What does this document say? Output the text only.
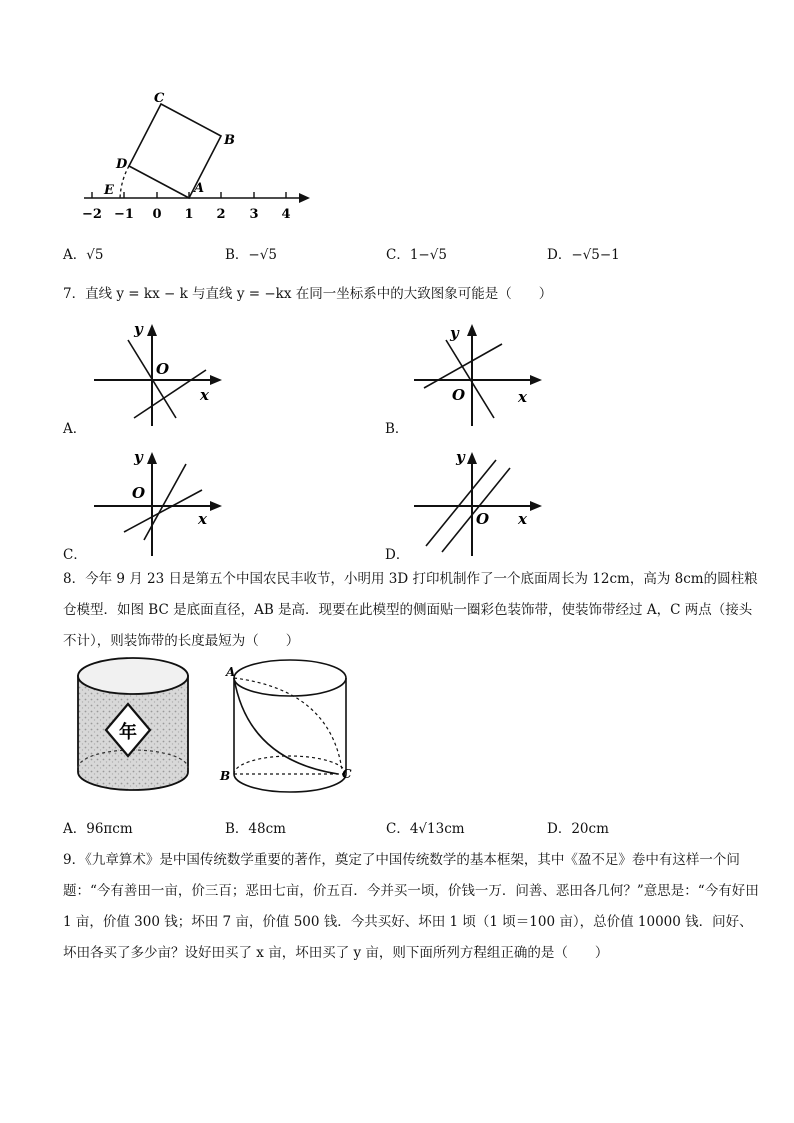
−2 −1 0 1 2 3 4
C
B
D
A
E
A．√5	B．−√5	C．1−√5	D．−√5−1
7．直线 y = kx − k 与直线 y = −kx 在同一坐标系中的大致图象可能是（　　）
y
O
x
A．
y
O	x
B．
y
O
x
C．
y
O x
D．
8．今年 9 月 23 日是第五个中国农民丰收节，小明用 3D 打印机制作了一个底面周长为 12cm，高为 8cm的圆柱粮仓模型．如图 BC 是底面直径，AB 是高．现要在此模型的侧面贴一圈彩色装饰带，使装饰带经过 A，C 两点（接头不计），则装饰带的长度最短为（　　）
年
A
B	C
A．96πcm	B．48cm	C．4√13cm	D．20cm
9．《九章算术》是中国传统数学重要的著作，奠定了中国传统数学的基本框架，其中《盈不足》卷中有这样一个问题：“今有善田一亩，价三百；恶田七亩，价五百．今并买一顷，价钱一万．问善、恶田各几何？”意思是：“今有好田 1 亩，价值 300 钱；坏田 7 亩，价值 500 钱．今共买好、坏田 1 顷（1 顷＝100 亩），总价值 10000 钱．问好、坏田各买了多少亩？设好田买了 x 亩，坏田买了 y 亩，则下面所列方程组正确的是（　　）
